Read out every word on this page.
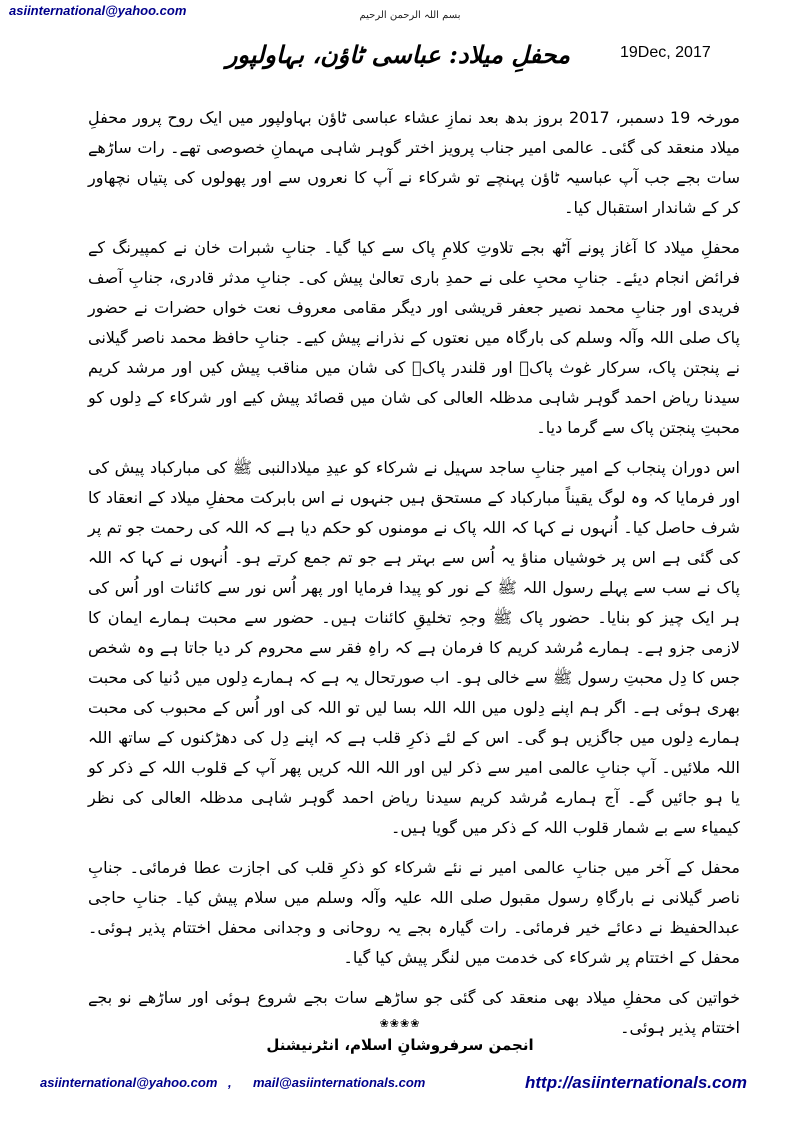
asiinternational@yahoo.com	بسم اللہ الرحمن الرحیم
محفلِ میلاد: عباسی ٹاؤن، بہاولپور	19Dec, 2017

مورخہ 19 دسمبر، 2017 بروز بدھ بعد نمازِ عشاء عباسی ٹاؤن بہاولپور میں ایک روح پرور محفلِ میلاد منعقد کی گئی۔ عالمی امیر جناب پرویز اختر گوہر شاہی مہمانِ خصوصی تھے۔ رات ساڑھے سات بجے جب آپ عباسیہ ٹاؤن پہنچے تو شرکاء نے آپ کا نعروں سے اور پھولوں کی پتیاں نچھاور کر کے شاندار استقبال کیا۔

محفلِ میلاد کا آغاز پونے آٹھ بجے تلاوتِ کلامِ پاک سے کیا گیا۔ جنابِ شبرات خان نے کمپیرنگ کے فرائض انجام دیئے۔ جنابِ محبِ علی نے حمدِ باری تعالیٰ پیش کی۔ جنابِ مدثر قادری، جنابِ آصف فریدی اور جنابِ محمد نصیر جعفر قریشی اور دیگر مقامی معروف نعت خواں حضرات نے حضور پاک صلی اللہ وآلہ وسلم کی بارگاہ میں نعتوں کے نذرانے پیش کیے۔ جنابِ حافظ محمد ناصر گیلانی نے پنجتن پاک، سرکار غوث پاکؓ اور قلندر پاکؒ کی شان میں مناقب پیش کیں اور مرشد کریم سیدنا ریاض احمد گوہر شاہی مدظلہ العالی کی شان میں قصائد پیش کیے اور شرکاء کے دِلوں کو محبتِ پنجتن پاک سے گرما دیا۔

اس دوران پنجاب کے امیر جنابِ ساجد سہیل نے شرکاء کو عیدِ میلادالنبی ﷺ کی مبارکباد پیش کی اور فرمایا کہ وہ لوگ یقیناً مبارکباد کے مستحق ہیں جنہوں نے اس بابرکت محفلِ میلاد کے انعقاد کا شرف حاصل کیا۔ اُنہوں نے کہا کہ اللہ پاک نے مومنوں کو حکم دیا ہے کہ اللہ کی رحمت جو تم پر کی گئی ہے اس پر خوشیاں مناؤ یہ اُس سے بہتر ہے جو تم جمع کرتے ہو۔ اُنہوں نے کہا کہ اللہ پاک نے سب سے پہلے رسول اللہ ﷺ کے نور کو پیدا فرمایا اور پھر اُس نور سے کائنات اور اُس کی ہر ایک چیز کو بنایا۔ حضور پاک ﷺ وجہِ تخلیقِ کائنات ہیں۔ حضور سے محبت ہمارے ایمان کا لازمی جزو ہے۔ ہمارے مُرشد کریم کا فرمان ہے کہ راہِ فقر سے محروم کر دیا جاتا ہے وہ شخص جس کا دِل محبتِ رسول ﷺ سے خالی ہو۔ اب صورتحال یہ ہے کہ ہمارے دِلوں میں دُنیا کی محبت بھری ہوئی ہے۔ اگر ہم اپنے دِلوں میں اللہ اللہ بسا لیں تو اللہ کی اور اُس کے محبوب کی محبت ہمارے دِلوں میں جاگزیں ہو گی۔ اس کے لئے ذکرِ قلب ہے کہ اپنے دِل کی دھڑکنوں کے ساتھ اللہ اللہ ملائیں۔ آپ جنابِ عالمی امیر سے ذکر لیں اور اللہ اللہ کریں پھر آپ کے قلوب اللہ کے ذکر کو یا ہو جائیں گے۔ آج ہمارے مُرشد کریم سیدنا ریاض احمد گوہر شاہی مدظلہ العالی کی نظر کیمیاء سے بے شمار قلوب اللہ کے ذکر میں گویا ہیں۔

محفل کے آخر میں جنابِ عالمی امیر نے نئے شرکاء کو ذکرِ قلب کی اجازت عطا فرمائی۔ جنابِ ناصر گیلانی نے بارگاہِ رسول مقبول صلی اللہ علیہ وآلہ وسلم میں سلام پیش کیا۔ جنابِ حاجی عبدالحفیظ نے دعائے خیر فرمائی۔ رات گیارہ بجے یہ روحانی و وجدانی محفل اختتام پذیر ہوئی۔ محفل کے اختتام پر شرکاء کی خدمت میں لنگر پیش کیا گیا۔

خواتین کی محفلِ میلاد بھی منعقد کی گئی جو ساڑھے سات بجے شروع ہوئی اور ساڑھے نو بجے اختتام پذیر ہوئی۔

❀❀❀❀
انجمن سرفروشانِ اسلام، انٹرنیشنل
asiinternational@yahoo.com , mail@asiinternationals.com	http://asiinternationals.com
